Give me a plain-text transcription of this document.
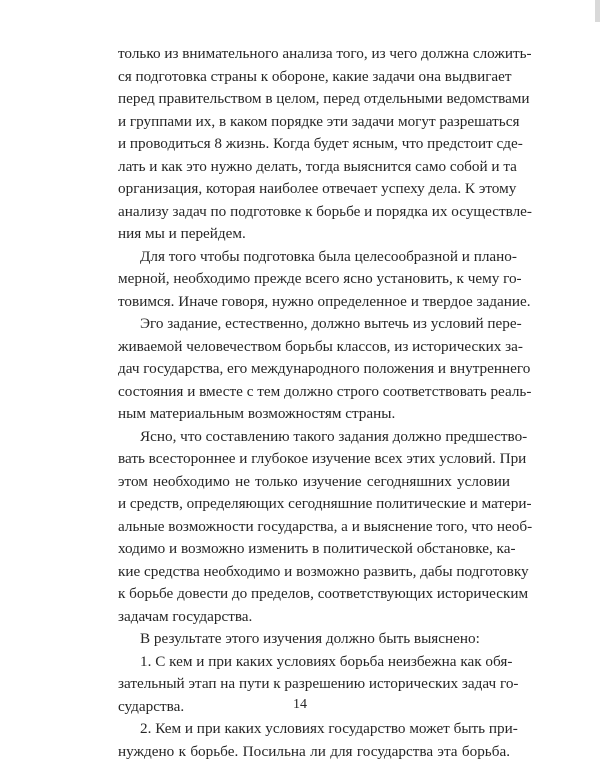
только из внимательного анализа того, из чего должна сложить-
ся подготовка страны к обороне, какие задачи она выдвигает
перед правительством в целом, перед отдельными ведомствами
и группами их, в каком порядке эти задачи могут разрешаться
и проводиться 8 жизнь. Когда будет ясным, что предстоит сде-
лать и как это нужно делать, тогда выяснится само собой и та
организация, которая наиболее отвечает успеху дела. К этому
анализу задач по подготовке к борьбе и порядка их осуществле-
ния мы и перейдем.
Для того чтобы подготовка была целесообразной и плано-
мерной, необходимо прежде всего ясно установить, к чему го-
товимся. Иначе говоря, нужно определенное и твердое задание.
Эго задание, естественно, должно вытечь из условий пере-
живаемой человечеством борьбы классов, из исторических за-
дач государства, его международного положения и внутреннего
состояния и вместе с тем должно строго соответствовать реаль-
ным материальным возможностям страны.
Ясно, что составлению такого задания должно предшество-
вать всестороннее и глубокое изучение всех этих условий. При
этом необходимо не только изучение сегодняшних условии
и средств, определяющих сегодняшние политические и матери-
альные возможности государства, а и выяснение того, что необ-
ходимо и возможно изменить в политической обстановке, ка-
кие средства необходимо и возможно развить, дабы подготовку
к борьбе довести до пределов, соответствующих историческим
задачам государства.
В результате этого изучения должно быть выяснено:
1. С кем и при каких условиях борьба неизбежна как обя-
зательный этап на пути к разрешению исторических задач го-
сударства.
2. Кем и при каких условиях государство может быть при-
нуждено к борьбе. Посильна ли для государства эта борьба.
14
